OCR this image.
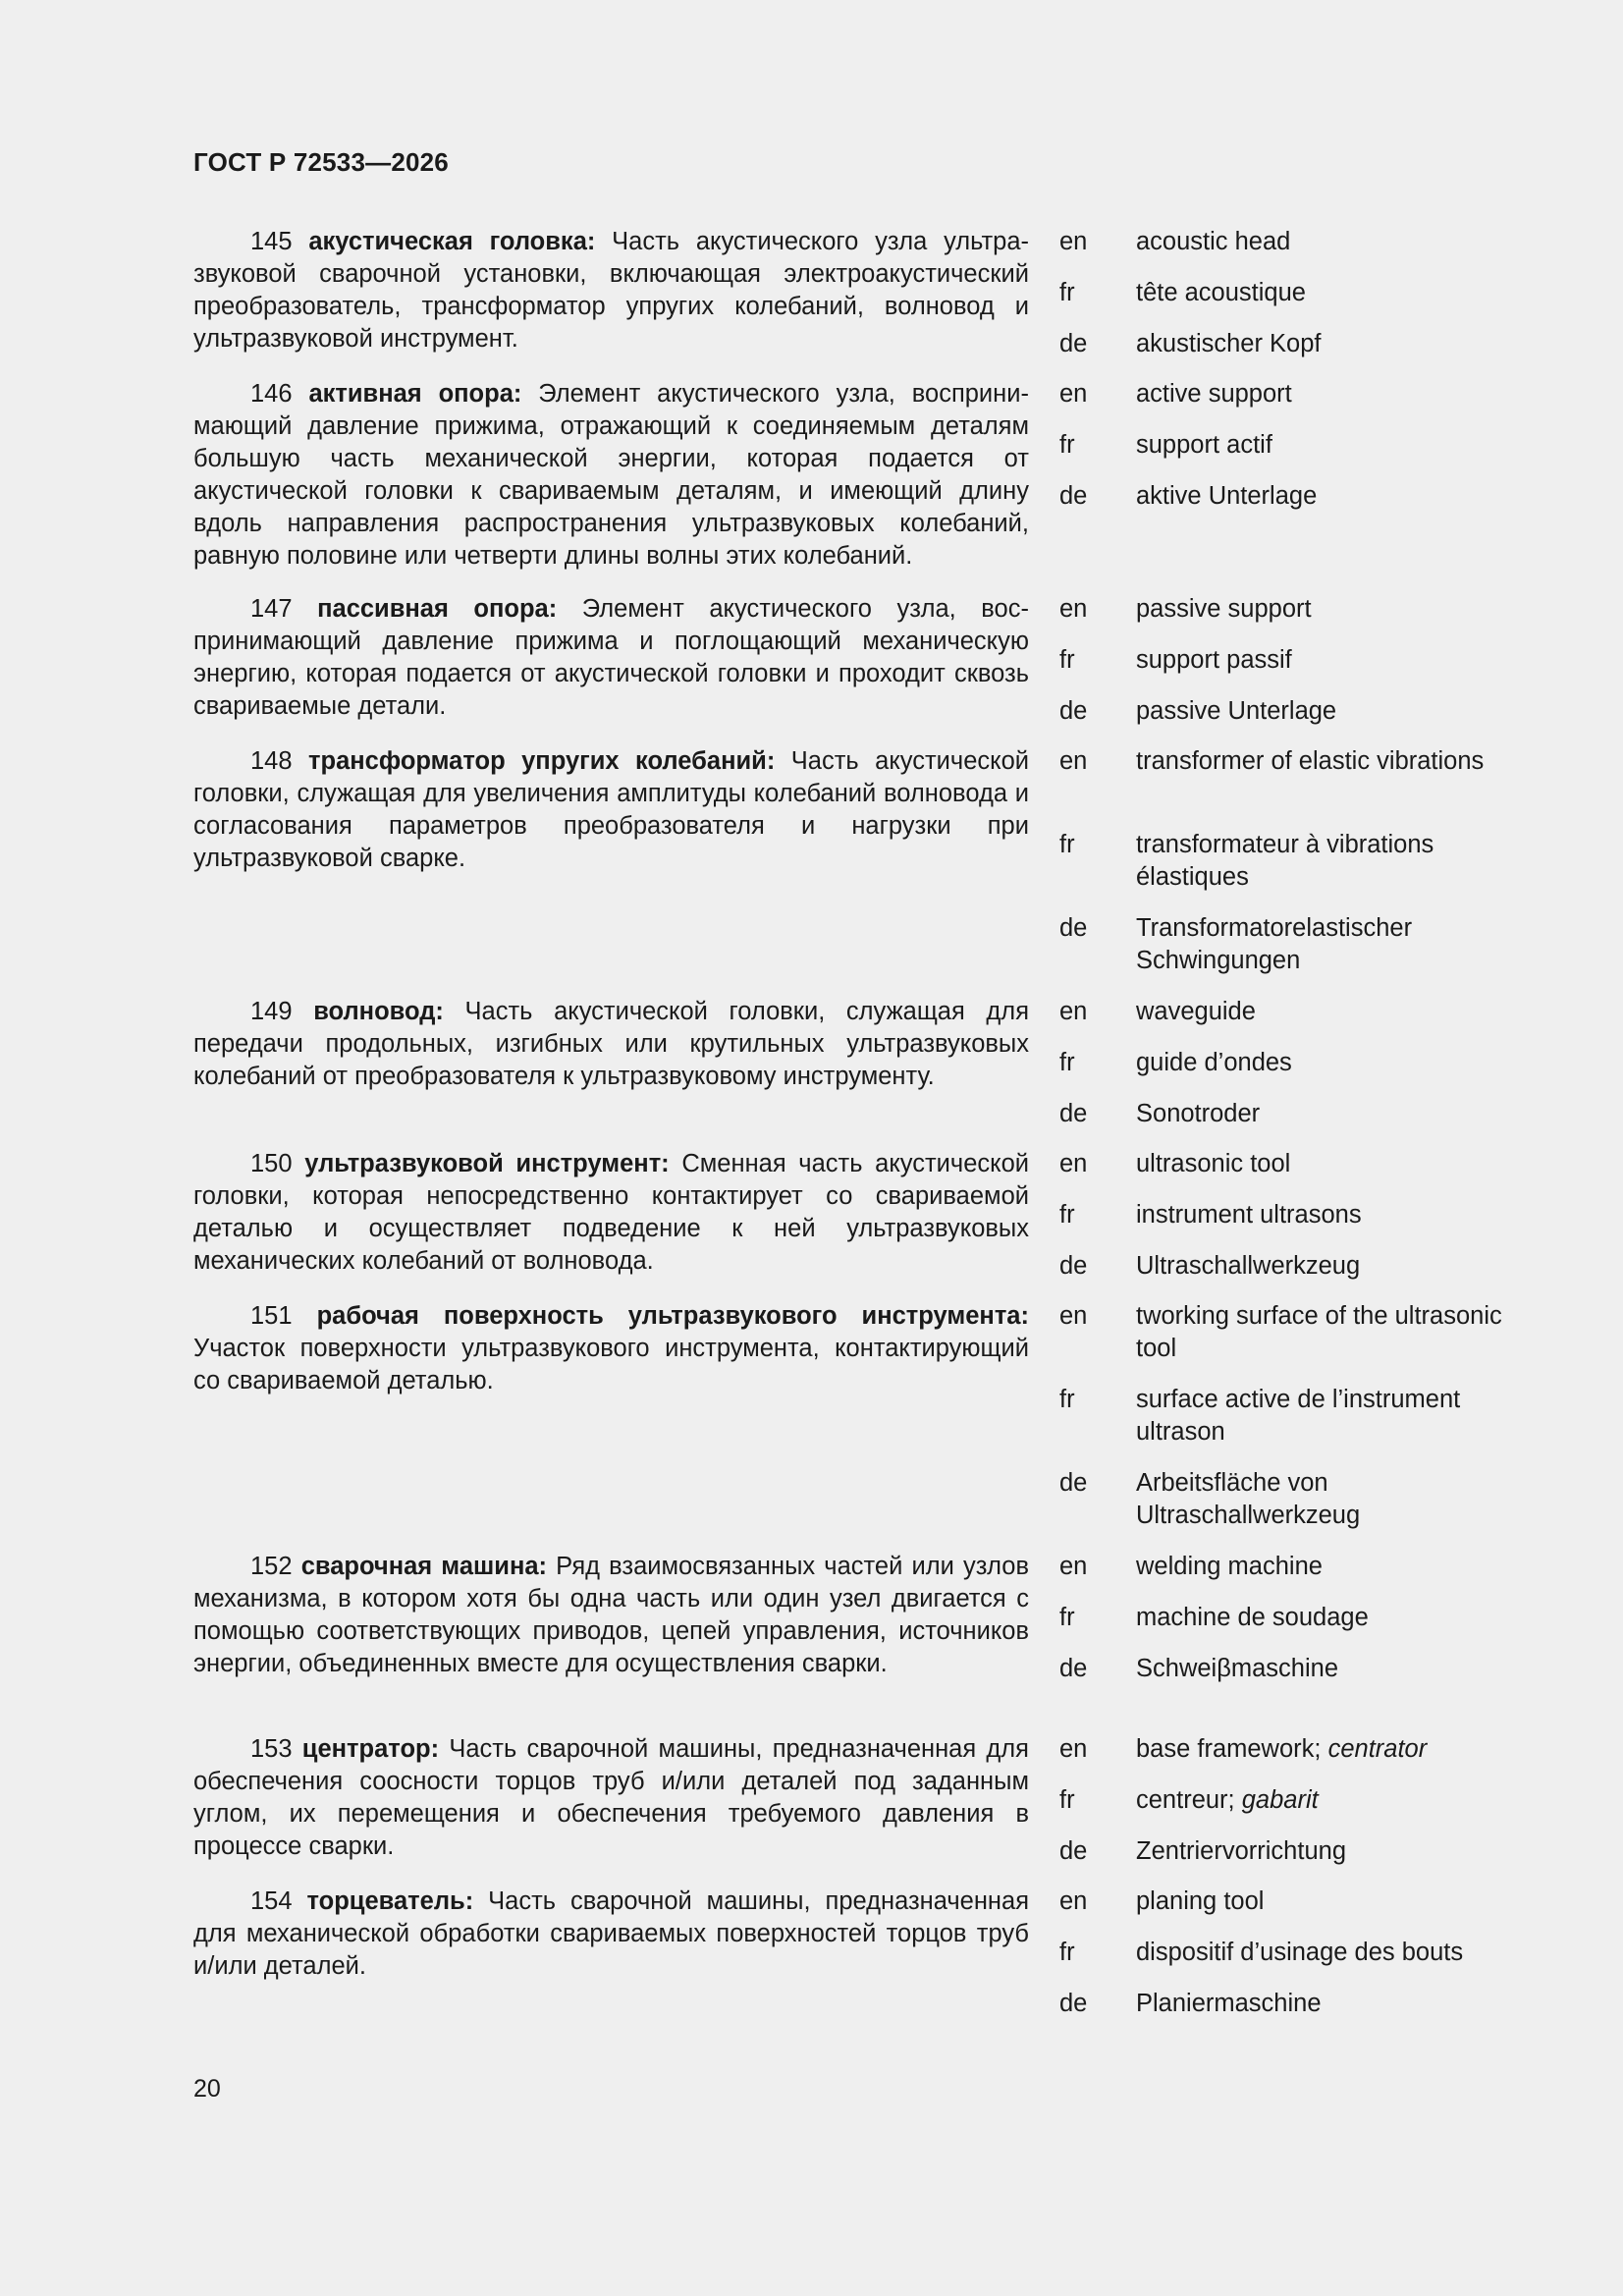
ГОСТ Р 72533—2026
145 акустическая головка: Часть акустического узла ультразвуковой сварочной установки, включающая электроакустический преобразователь, трансформатор упругих колебаний, волновод и ультразвуковой инструмент.
en acoustic head
fr tête acoustique
de akustischer Kopf
146 активная опора: Элемент акустического узла, воспринимающий давление прижима, отражающий к соединяемым деталям большую часть механической энергии, которая подается от акустической головки к свариваемым деталям, и имеющий длину вдоль направления распространения ультразвуковых колебаний, равную половине или четверти длины волны этих колебаний.
en active support
fr support actif
de aktive Unterlage
147 пассивная опора: Элемент акустического узла, воспринимающий давление прижима и поглощающий механическую энергию, которая подается от акустической головки и проходит сквозь свариваемые детали.
en passive support
fr support passif
de passive Unterlage
148 трансформатор упругих колебаний: Часть акустической головки, служащая для увеличения амплитуды колебаний волновода и согласования параметров преобразователя и нагрузки при ультразвуковой сварке.
en transformer of elastic vibrations
fr transformateur à vibrations élastiques
de Transformatorelastischer Schwingungen
149 волновод: Часть акустической головки, служащая для передачи продольных, изгибных или крутильных ультразвуковых колебаний от преобразователя к ультразвуковому инструменту.
en waveguide
fr guide d’ondes
de Sonotroder
150 ультразвуковой инструмент: Сменная часть акустической головки, которая непосредственно контактирует со свариваемой деталью и осуществляет подведение к ней ультразвуковых механических колебаний от волновода.
en ultrasonic tool
fr instrument ultrasons
de Ultraschallwerkzeug
151 рабочая поверхность ультразвукового инструмента: Участок поверхности ультразвукового инструмента, контактирующий со свариваемой деталью.
en tworking surface of the ultrasonic tool
fr surface active de l’instrument ultrason
de Arbeitsfläche von Ultraschallwerkzeug
152 сварочная машина: Ряд взаимосвязанных частей или узлов механизма, в котором хотя бы одна часть или один узел двигается с помощью соответствующих приводов, цепей управления, источников энергии, объединенных вместе для осуществления сварки.
en welding machine
fr machine de soudage
de Schweiβmaschine
153 центратор: Часть сварочной машины, предназначенная для обеспечения соосности торцов труб и/или деталей под заданным углом, их перемещения и обеспечения требуемого давления в процессе сварки.
en base framework; centrator
fr centreur; gabarit
de Zentriervorrichtung
154 торцеватель: Часть сварочной машины, предназначенная для механической обработки свариваемых поверхностей торцов труб и/или деталей.
en planing tool
fr dispositif d’usinage des bouts
de Planiermaschine
20
